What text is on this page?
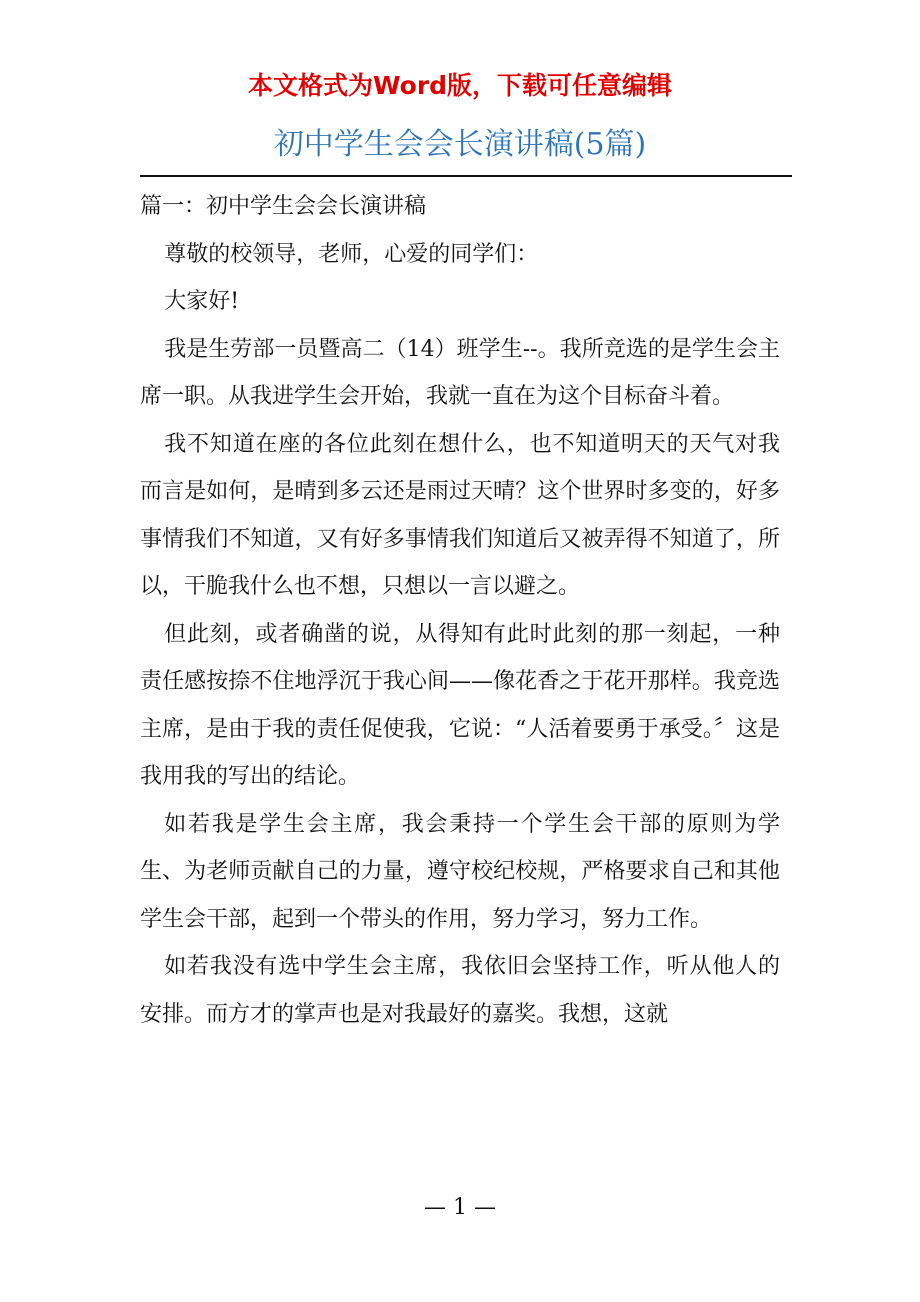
本文格式为Word版，下载可任意编辑
初中学生会会长演讲稿(5篇)

篇一：初中学生会会长演讲稿

尊敬的校领导，老师，心爱的同学们：

大家好!

我是生劳部一员暨高二（14）班学生--。我所竞选的是学生会主席一职。从我进学生会开始，我就一直在为这个目标奋斗着。

我不知道在座的各位此刻在想什么，也不知道明天的天气对我而言是如何，是晴到多云还是雨过天晴？这个世界时多变的，好多事情我们不知道，又有好多事情我们知道后又被弄得不知道了，所以，干脆我什么也不想，只想以一言以避之。

但此刻，或者确凿的说，从得知有此时此刻的那一刻起，一种责任感按捺不住地浮沉于我心间——像花香之于花开那样。我竞选主席，是由于我的责任促使我，它说：“人活着要勇于承受。〞这是我用我的写出的结论。

如若我是学生会主席，我会秉持一个学生会干部的原则为学生、为老师贡献自己的力量，遵守校纪校规，严格要求自己和其他学生会干部，起到一个带头的作用，努力学习，努力工作。

如若我没有选中学生会主席，我依旧会坚持工作，听从他人的安排。而方才的掌声也是对我最好的嘉奖。我想，这就

— 1 —
